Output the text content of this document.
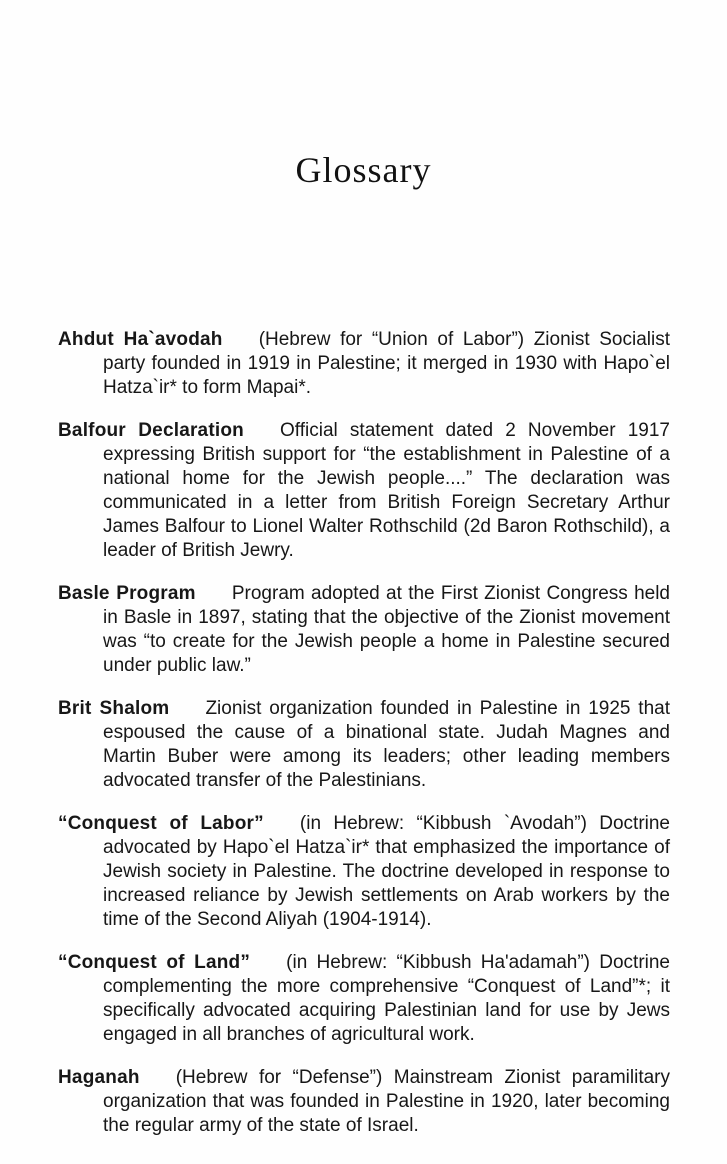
Glossary

Ahdut Ha`avodah (Hebrew for “Union of Labor”) Zionist Socialist party founded in 1919 in Palestine; it merged in 1930 with Hapo`el Hatza`ir* to form Mapai*.

Balfour Declaration Official statement dated 2 November 1917 expressing British support for “the establishment in Palestine of a national home for the Jewish people....” The declaration was communicated in a letter from British Foreign Secretary Arthur James Balfour to Lionel Walter Rothschild (2d Baron Rothschild), a leader of British Jewry.

Basle Program Program adopted at the First Zionist Congress held in Basle in 1897, stating that the objective of the Zionist movement was “to create for the Jewish people a home in Palestine secured under public law.”

Brit Shalom Zionist organization founded in Palestine in 1925 that espoused the cause of a binational state. Judah Magnes and Martin Buber were among its leaders; other leading members advocated transfer of the Palestinians.

“Conquest of Labor” (in Hebrew: “Kibbush `Avodah”) Doctrine advocated by Hapo`el Hatza`ir* that emphasized the importance of Jewish society in Palestine. The doctrine developed in response to increased reliance by Jewish settlements on Arab workers by the time of the Second Aliyah (1904-1914).

“Conquest of Land” (in Hebrew: “Kibbush Ha'adamah”) Doctrine complementing the more comprehensive “Conquest of Land”*; it specifically advocated acquiring Palestinian land for use by Jews engaged in all branches of agricultural work.

Haganah (Hebrew for “Defense”) Mainstream Zionist paramilitary organization that was founded in Palestine in 1920, later becoming the regular army of the state of Israel.
